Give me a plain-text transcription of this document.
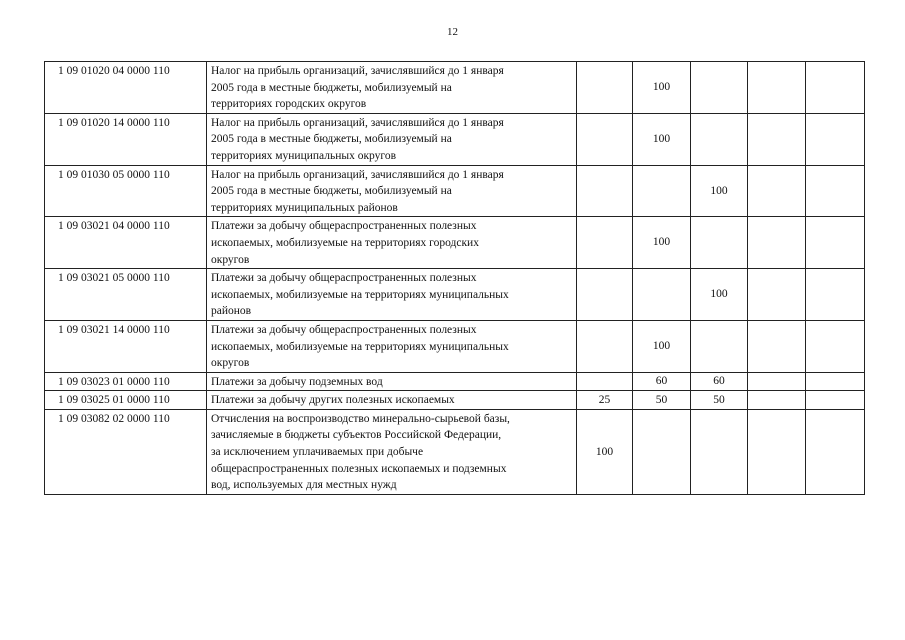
12
1 09 01020 04 0000 110	Налог на прибыль организаций, зачислявшийся до 1 января
2005 года в местные бюджеты, мобилизуемый на
территориях городских округов		100			
1 09 01020 14 0000 110	Налог на прибыль организаций, зачислявшийся до 1 января
2005 года в местные бюджеты, мобилизуемый на
территориях муниципальных округов		100			
1 09 01030 05 0000 110	Налог на прибыль организаций, зачислявшийся до 1 января
2005 года в местные бюджеты, мобилизуемый на
территориях муниципальных районов			100		
1 09 03021 04 0000 110	Платежи за добычу общераспространенных полезных
ископаемых, мобилизуемые на территориях городских
округов		100			
1 09 03021 05 0000 110	Платежи за добычу общераспространенных полезных
ископаемых, мобилизуемые на территориях муниципальных
районов			100		
1 09 03021 14 0000 110	Платежи за добычу общераспространенных полезных
ископаемых, мобилизуемые на территориях муниципальных
округов		100			
1 09 03023 01 0000 110	Платежи за добычу подземных вод		60	60		
1 09 03025 01 0000 110	Платежи за добычу других полезных ископаемых	25	50	50		
1 09 03082 02 0000 110	Отчисления на воспроизводство минерально-сырьевой базы,
зачисляемые в бюджеты субъектов Российской Федерации,
за исключением уплачиваемых при добыче
общераспространенных полезных ископаемых и подземных
вод, используемых для местных нужд	100				
